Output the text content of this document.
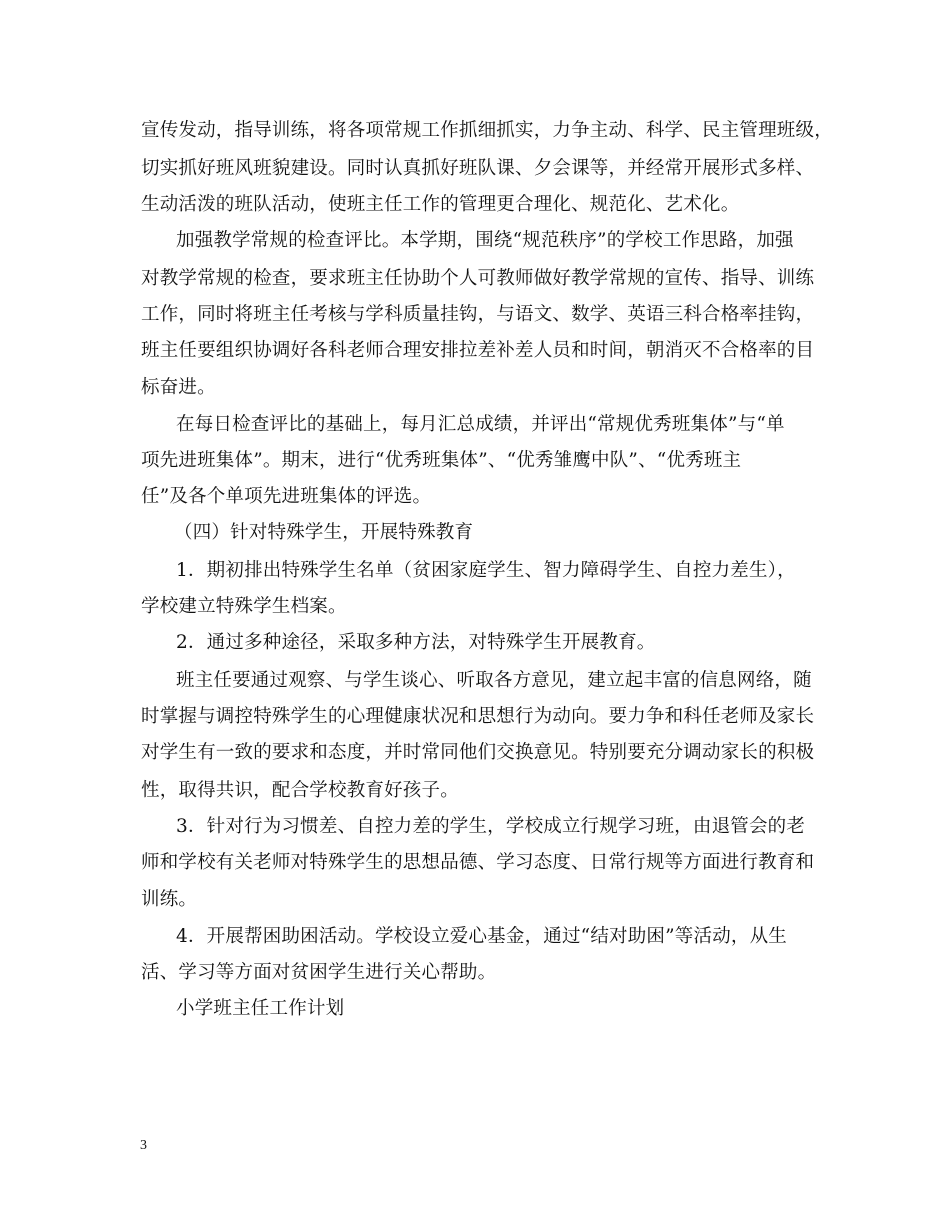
宣传发动，指导训练，将各项常规工作抓细抓实，力争主动、科学、民主管理班级，
切实抓好班风班貌建设。同时认真抓好班队课、夕会课等，并经常开展形式多样、
生动活泼的班队活动，使班主任工作的管理更合理化、规范化、艺术化。
加强教学常规的检查评比。本学期，围绕“规范秩序”的学校工作思路，加强
对教学常规的检查，要求班主任协助个人可教师做好教学常规的宣传、指导、训练
工作，同时将班主任考核与学科质量挂钩，与语文、数学、英语三科合格率挂钩，
班主任要组织协调好各科老师合理安排拉差补差人员和时间，朝消灭不合格率的目
标奋进。
在每日检查评比的基础上，每月汇总成绩，并评出“常规优秀班集体”与“单
项先进班集体”。期末，进行“优秀班集体”、“优秀雏鹰中队”、“优秀班主
任”及各个单项先进班集体的评选。
（四）针对特殊学生，开展特殊教育
1．期初排出特殊学生名单（贫困家庭学生、智力障碍学生、自控力差生），
学校建立特殊学生档案。
2．通过多种途径，采取多种方法，对特殊学生开展教育。
班主任要通过观察、与学生谈心、听取各方意见，建立起丰富的信息网络，随
时掌握与调控特殊学生的心理健康状况和思想行为动向。要力争和科任老师及家长
对学生有一致的要求和态度，并时常同他们交换意见。特别要充分调动家长的积极
性，取得共识，配合学校教育好孩子。
3．针对行为习惯差、自控力差的学生，学校成立行规学习班，由退管会的老
师和学校有关老师对特殊学生的思想品德、学习态度、日常行规等方面进行教育和
训练。
4．开展帮困助困活动。学校设立爱心基金，通过“结对助困”等活动，从生
活、学习等方面对贫困学生进行关心帮助。
小学班主任工作计划
3
